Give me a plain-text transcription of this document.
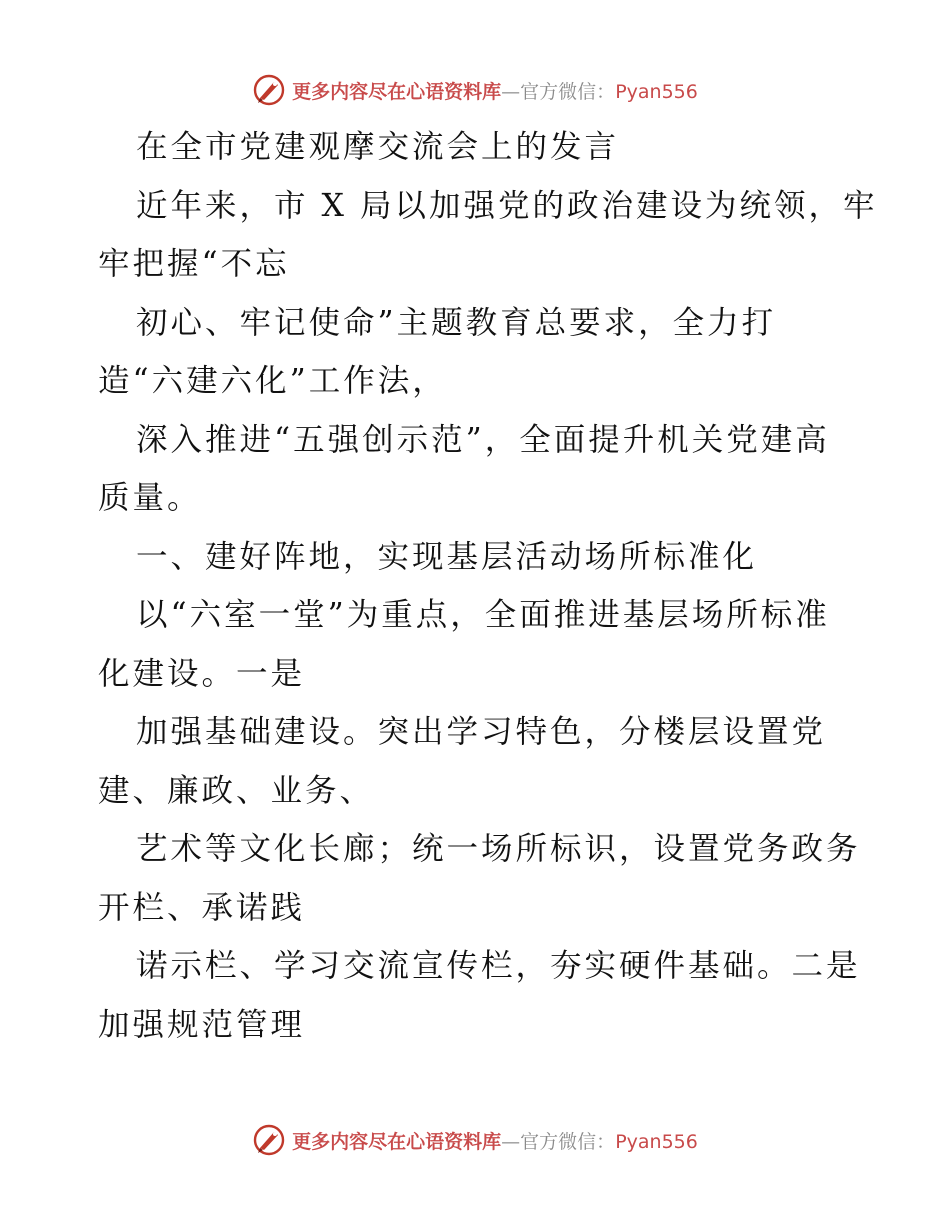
更多内容尽在心语资料库—官方微信：Pyan556
在全市党建观摩交流会上的发言
近年来，市 X 局以加强党的政治建设为统领，牢
牢把握“不忘
初心、牢记使命”主题教育总要求，全力打
造“六建六化”工作法，
深入推进“五强创示范”，全面提升机关党建高
质量。
一、建好阵地，实现基层活动场所标准化
以“六室一堂”为重点，全面推进基层场所标准
化建设。一是
加强基础建设。突出学习特色，分楼层设置党
建、廉政、业务、
艺术等文化长廊；统一场所标识，设置党务政务
开栏、承诺践
诺示栏、学习交流宣传栏，夯实硬件基础。二是
加强规范管理
更多内容尽在心语资料库—官方微信：Pyan556
